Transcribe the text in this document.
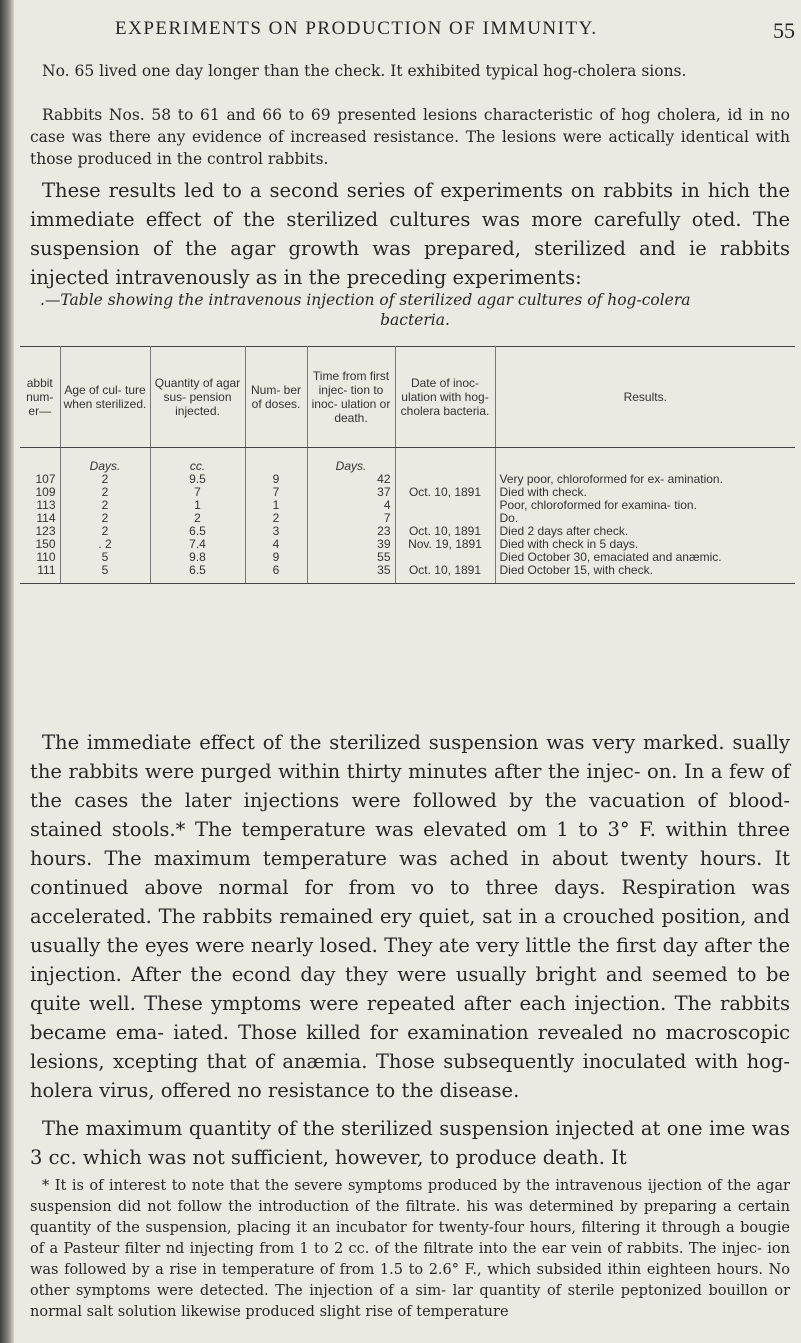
EXPERIMENTS ON PRODUCTION OF IMMUNITY.	55
No. 65 lived one day longer than the check. It exhibited typical hog-cholera sions.
Rabbits Nos. 58 to 61 and 66 to 69 presented lesions characteristic of hog cholera, id in no case was there any evidence of increased resistance. The lesions were actically identical with those produced in the control rabbits.
These results led to a second series of experiments on rabbits in hich the immediate effect of the sterilized cultures was more carefully oted. The suspension of the agar growth was prepared, sterilized and ie rabbits injected intravenously as in the preceding experiments:
.—Table showing the intravenous injection of sterilized agar cultures of hog-colera
bacteria.
abbit num- er—	Age of cul- ture when sterilized.	Quantity of agar sus- pension injected.	Num- ber of doses.	Time from first injec- tion to inoc- ulation or death.	Date of inoc- ulation with hog-cholera bacteria.	Results.
	Days.	cc.		Days.		
107	2	9.5	9	42		Very poor, chloroformed for ex- amination.
109	2	7	7	37	Oct. 10, 1891	Died with check.
113	2	1	1	4		Poor, chloroformed for examina- tion.
114	2	2	2	7		Do.
123	2	6.5	3	23	Oct. 10, 1891	Died 2 days after check.
150	. 2	7.4	4	39	Nov. 19, 1891	Died with check in 5 days.
110	5	9.8	9	55		Died October 30, emaciated and anæmic.
111	5	6.5	6	35	Oct. 10, 1891	Died October 15, with check.
The immediate effect of the sterilized suspension was very marked. sually the rabbits were purged within thirty minutes after the injec- on. In a few of the cases the later injections were followed by the vacuation of blood-stained stools.* The temperature was elevated om 1 to 3° F. within three hours. The maximum temperature was ached in about twenty hours. It continued above normal for from vo to three days. Respiration was accelerated. The rabbits remained ery quiet, sat in a crouched position, and usually the eyes were nearly losed. They ate very little the first day after the injection. After the econd day they were usually bright and seemed to be quite well. These ymptoms were repeated after each injection. The rabbits became ema- iated. Those killed for examination revealed no macroscopic lesions, xcepting that of anæmia. Those subsequently inoculated with hog- holera virus, offered no resistance to the disease.
The maximum quantity of the sterilized suspension injected at one ime was 3 cc. which was not sufficient, however, to produce death. It
* It is of interest to note that the severe symptoms produced by the intravenous ijection of the agar suspension did not follow the introduction of the filtrate. his was determined by preparing a certain quantity of the suspension, placing it an incubator for twenty-four hours, filtering it through a bougie of a Pasteur filter nd injecting from 1 to 2 cc. of the filtrate into the ear vein of rabbits. The injec- ion was followed by a rise in temperature of from 1.5 to 2.6° F., which subsided ithin eighteen hours. No other symptoms were detected. The injection of a sim- lar quantity of sterile peptonized bouillon or normal salt solution likewise produced slight rise of temperature
